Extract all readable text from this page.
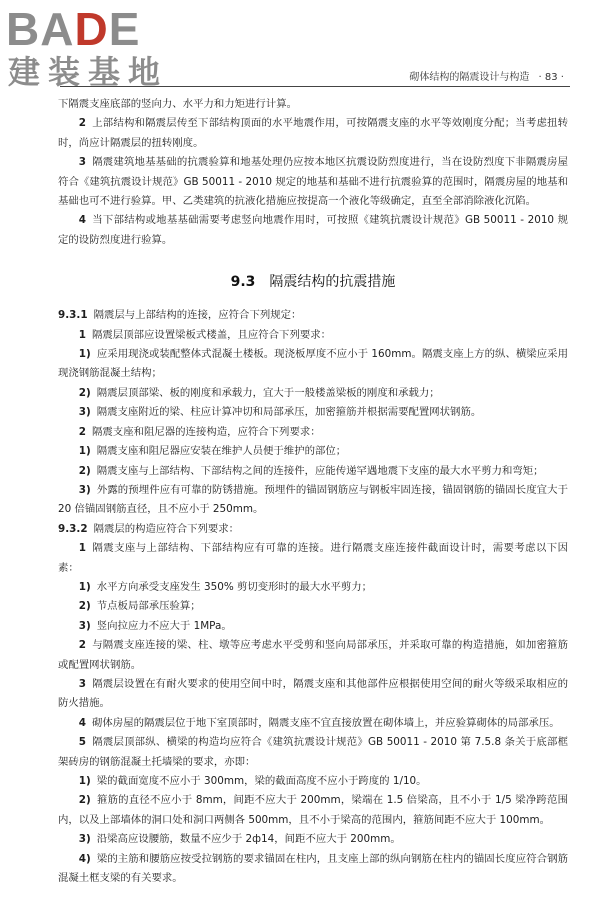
BADE
建装基地	砌体结构的隔震设计与构造 · 83 ·

下隔震支座底部的竖向力、水平力和力矩进行计算。

2 上部结构和隔震层传至下部结构顶面的水平地震作用，可按隔震支座的水平等效刚度分配；当考虑扭转时，尚应计隔震层的扭转刚度。

3 隔震建筑地基基础的抗震验算和地基处理仍应按本地区抗震设防烈度进行，当在设防烈度下非隔震房屋符合《建筑抗震设计规范》GB 50011 - 2010 规定的地基和基础不进行抗震验算的范围时，隔震房屋的地基和基础也可不进行验算。甲、乙类建筑的抗液化措施应按提高一个液化等级确定，直至全部消除液化沉陷。

4 当下部结构或地基基础需要考虑竖向地震作用时，可按照《建筑抗震设计规范》GB 50011 - 2010 规定的设防烈度进行验算。

9.3 隔震结构的抗震措施

9.3.1 隔震层与上部结构的连接，应符合下列规定：

1 隔震层顶部应设置梁板式楼盖，且应符合下列要求：

1) 应采用现浇或装配整体式混凝土楼板。现浇板厚度不应小于 160mm。隔震支座上方的纵、横梁应采用现浇钢筋混凝土结构；

2) 隔震层顶部梁、板的刚度和承载力，宜大于一般楼盖梁板的刚度和承载力；

3) 隔震支座附近的梁、柱应计算冲切和局部承压，加密箍筋并根据需要配置网状钢筋。

2 隔震支座和阻尼器的连接构造，应符合下列要求：

1) 隔震支座和阻尼器应安装在维护人员便于维护的部位；

2) 隔震支座与上部结构、下部结构之间的连接件，应能传递罕遇地震下支座的最大水平剪力和弯矩；

3) 外露的预埋件应有可靠的防锈措施。预埋件的锚固钢筋应与钢板牢固连接，锚固钢筋的锚固长度宜大于 20 倍锚固钢筋直径，且不应小于 250mm。

9.3.2 隔震层的构造应符合下列要求：

1 隔震支座与上部结构、下部结构应有可靠的连接。进行隔震支座连接件截面设计时，需要考虑以下因素：

1) 水平方向承受支座发生 350% 剪切变形时的最大水平剪力；

2) 节点板局部承压验算；

3) 竖向拉应力不应大于 1MPa。

2 与隔震支座连接的梁、柱、墩等应考虑水平受剪和竖向局部承压，并采取可靠的构造措施，如加密箍筋或配置网状钢筋。

3 隔震层设置在有耐火要求的使用空间中时，隔震支座和其他部件应根据使用空间的耐火等级采取相应的防火措施。

4 砌体房屋的隔震层位于地下室顶部时，隔震支座不宜直接放置在砌体墙上，并应验算砌体的局部承压。

5 隔震层顶部纵、横梁的构造均应符合《建筑抗震设计规范》GB 50011 - 2010 第 7.5.8 条关于底部框架砖房的钢筋混凝土托墙梁的要求，亦即：

1) 梁的截面宽度不应小于 300mm，梁的截面高度不应小于跨度的 1/10。

2) 箍筋的直径不应小于 8mm，间距不应大于 200mm，梁端在 1.5 倍梁高，且不小于 1/5 梁净跨范围内，以及上部墙体的洞口处和洞口两侧各 500mm，且不小于梁高的范围内，箍筋间距不应大于 100mm。

3) 沿梁高应设腰筋，数量不应少于 2ф14，间距不应大于 200mm。

4) 梁的主筋和腰筋应按受拉钢筋的要求锚固在柱内，且支座上部的纵向钢筋在柱内的锚固长度应符合钢筋混凝土框支梁的有关要求。
